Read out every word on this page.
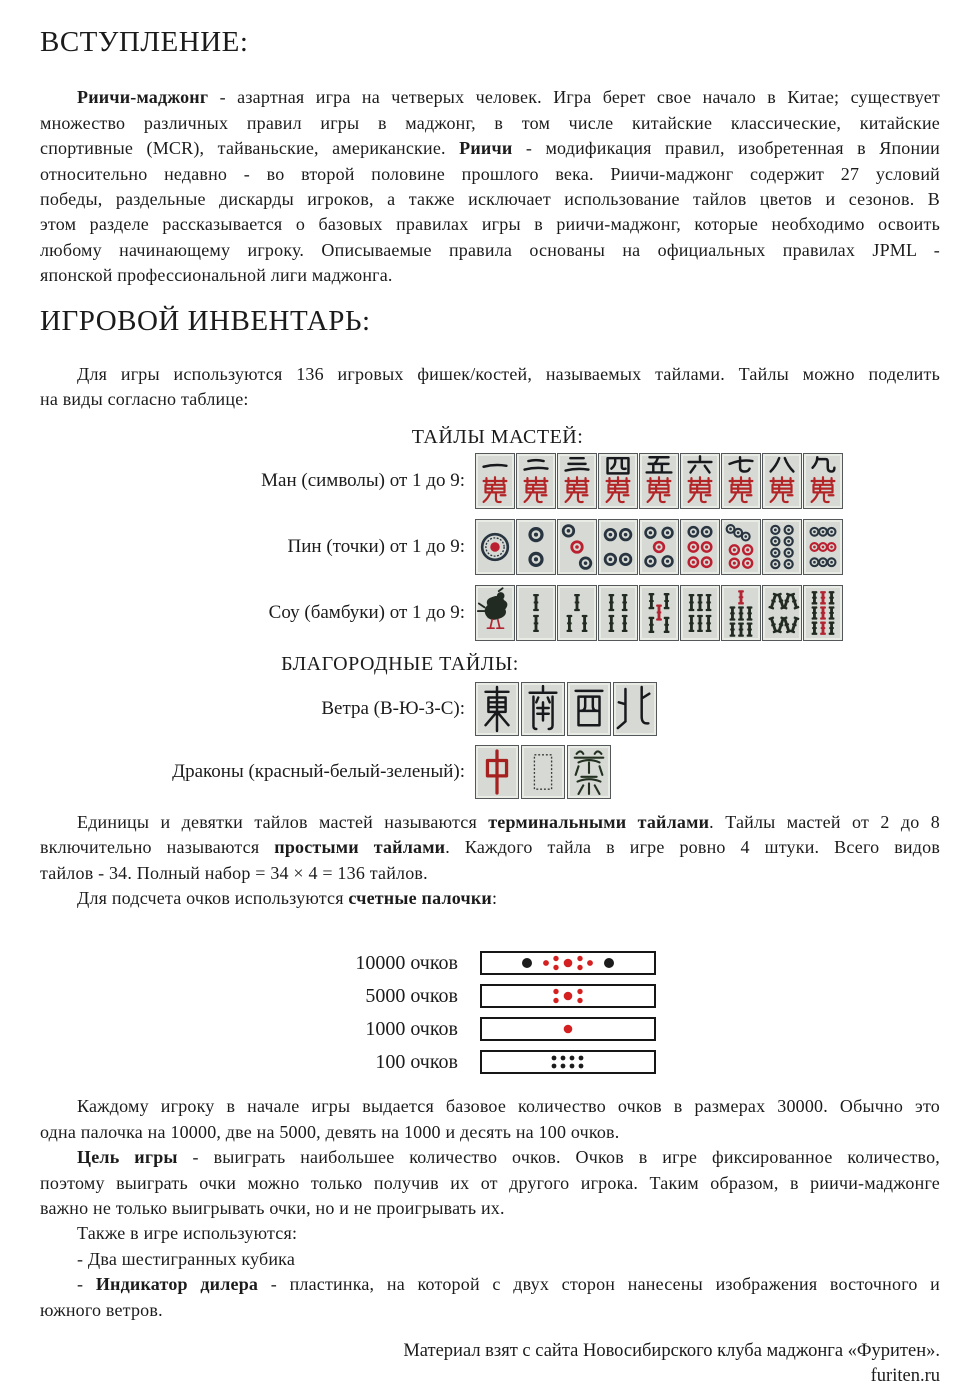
ВСТУПЛЕНИЕ:
Риичи-маджонг - азартная игра на четверых человек. Игра берет свое начало в Китае; существует
множество различных правил игры в маджонг, в том числе китайские классические, китайские
спортивные (MCR), тайваньские, американские. Риичи - модификация правил, изобретенная в Японии
относительно недавно - во второй половине прошлого века. Риичи-маджонг содержит 27 условий
победы, раздельные дискарды игроков, а также исключает использование тайлов цветов и сезонов. В
этом разделе рассказывается о базовых правилах игры в риичи-маджонг, которые необходимо освоить
любому начинающему игроку. Описываемые правила основаны на официальных правилах JPML -
японской профессиональной лиги маджонга.
ИГРОВОЙ ИНВЕНТАРЬ:
Для игры используются 136 игровых фишек/костей, называемых тайлами. Тайлы можно поделить
на виды согласно таблице:
ТАЙЛЫ МАСТЕЙ:
Ман (символы) от 1 до 9:
Пин (точки) от 1 до 9:
Соу (бамбуки) от 1 до 9:
БЛАГОРОДНЫЕ ТАЙЛЫ:
Ветра (В-Ю-З-С):
Драконы (красный-белый-зеленый):
Единицы и девятки тайлов мастей называются терминальными тайлами. Тайлы мастей от 2 до 8
включительно называются простыми тайлами. Каждого тайла в игре ровно 4 штуки. Всего видов
тайлов - 34. Полный набор = 34 × 4 = 136 тайлов.
Для подсчета очков используются счетные палочки:
10000 очков
5000 очков
1000 очков
100 очков
Каждому игроку в начале игры выдается базовое количество очков в размерах 30000. Обычно это
одна палочка на 10000, две на 5000, девять на 1000 и десять на 100 очков.
Цель игры - выиграть наибольшее количество очков. Очков в игре фиксированное количество,
поэтому выиграть очки можно только получив их от другого игрока. Таким образом, в риичи-маджонге
важно не только выигрывать очки, но и не проигрывать их.
Также в игре используются:
- Два шестигранных кубика
- Индикатор дилера - пластинка, на которой с двух сторон нанесены изображения восточного и
южного ветров.
Материал взят с сайта Новосибирского клуба маджонга «Фуритен».
furiten.ru
